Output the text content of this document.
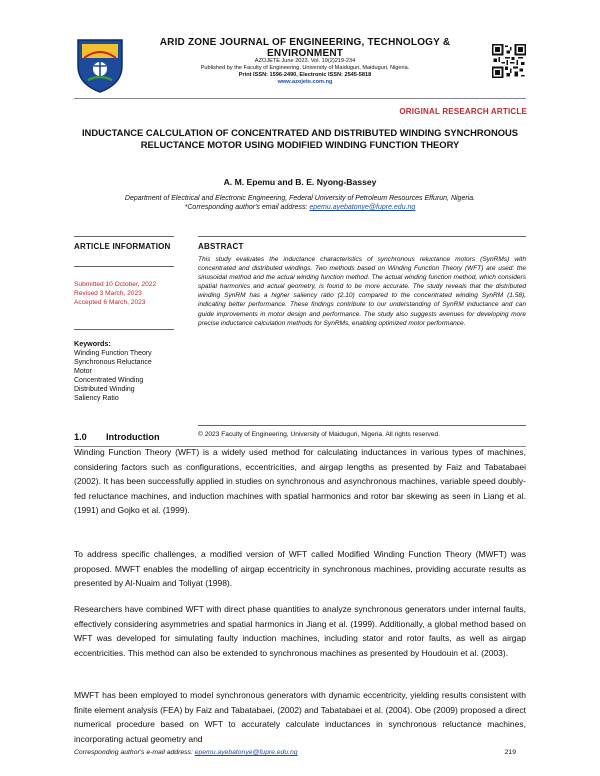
ARID ZONE JOURNAL OF ENGINEERING, TECHNOLOGY & ENVIRONMENT
AZOJETE June 2023. Vol. 19(2)219-234
Published by the Faculty of Engineering, University of Maiduguri, Maiduguri, Nigeria.
Print ISSN: 1596-2490, Electronic ISSN: 2545-5818
www.azojete.com.ng
ORIGINAL RESEARCH ARTICLE
INDUCTANCE CALCULATION OF CONCENTRATED AND DISTRIBUTED WINDING SYNCHRONOUS RELUCTANCE MOTOR USING MODIFIED WINDING FUNCTION THEORY
A. M. Epemu and B. E. Nyong-Bassey
Department of Electrical and Electronic Engineering, Federal University of Petroleum Resources Effurun, Nigeria.
*Corresponding author's email address: epemu.ayebatonye@fupre.edu.ng
ARTICLE INFORMATION
Submitted 10 October, 2022
Revised 3 March, 2023
Accepted 6 March, 2023
Keywords:
Winding Function Theory
Synchronous Reluctance
Motor
Concentrated Winding
Distributed Winding
Saliency Ratio
ABSTRACT
This study evaluates the inductance characteristics of synchronous reluctance motors (SynRMs) with concentrated and distributed windings. Two methods based on Winding Function Theory (WFT) are used: the sinusoidal method and the actual winding function method. The actual winding function method, which considers spatial harmonics and actual geometry, is found to be more accurate. The study reveals that the distributed winding SynRM has a higher saliency ratio (2.10) compared to the concentrated winding SynRM (1.58), indicating better performance. These findings contribute to our understanding of SynRM inductance and can guide improvements in motor design and performance. The study also suggests avenues for developing more precise inductance calculation methods for SynRMs, enabling optimized motor performance.
© 2023 Faculty of Engineering, University of Maiduguri, Nigeria. All rights reserved.
1.0 Introduction
Winding Function Theory (WFT) is a widely used method for calculating inductances in various types of machines, considering factors such as configurations, eccentricities, and airgap lengths as presented by Faiz and Tabatabaei (2002). It has been successfully applied in studies on synchronous and asynchronous machines, variable speed doubly-fed reluctance machines, and induction machines with spatial harmonics and rotor bar skewing as seen in Liang et al. (1991) and Gojko et al. (1999).
To address specific challenges, a modified version of WFT called Modified Winding Function Theory (MWFT) was proposed. MWFT enables the modelling of airgap eccentricity in synchronous machines, providing accurate results as presented by Al-Nuaim and Toliyat (1998).
Researchers have combined WFT with direct phase quantities to analyze synchronous generators under internal faults, effectively considering asymmetries and spatial harmonics in Jiang et al. (1999). Additionally, a global method based on WFT was developed for simulating faulty induction machines, including stator and rotor faults, as well as airgap eccentricities. This method can also be extended to synchronous machines as presented by Houdouin et al. (2003).
MWFT has been employed to model synchronous generators with dynamic eccentricity, yielding results consistent with finite element analysis (FEA) by Faiz and Tabatabaei, (2002) and Tabatabaei et al. (2004). Obe (2009) proposed a direct numerical procedure based on WFT to accurately calculate inductances in synchronous reluctance machines, incorporating actual geometry and
Corresponding author's e-mail address: epemu.ayebatonye@fupre.edu.ng	219
